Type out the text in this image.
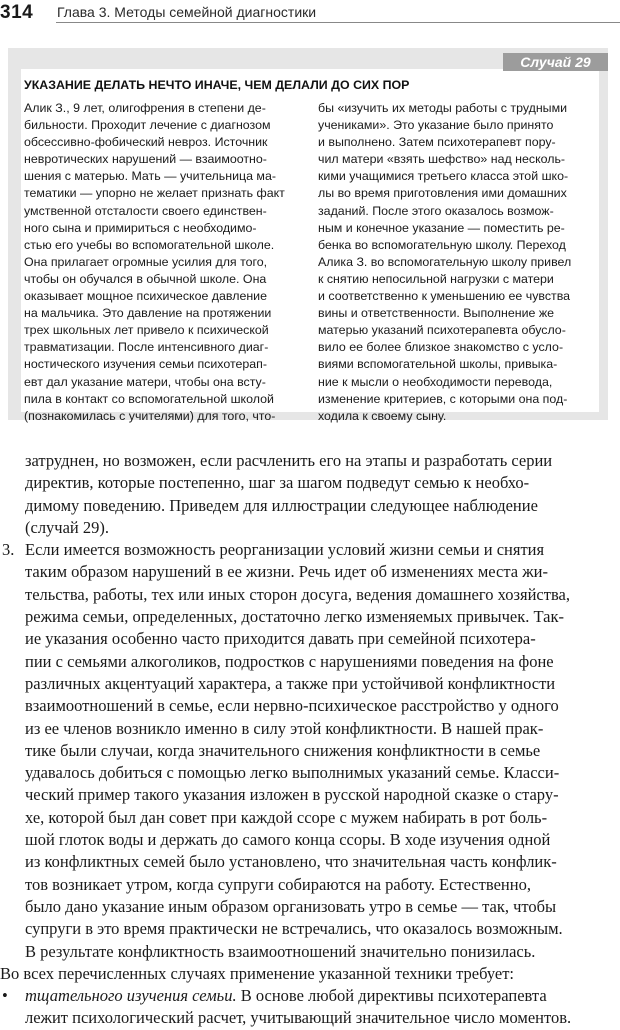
314 Глава 3. Методы семейной диагностики
Случай 29
УКАЗАНИЕ ДЕЛАТЬ НЕЧТО ИНАЧЕ, ЧЕМ ДЕЛАЛИ ДО СИХ ПОР
Алик З., 9 лет, олигофрения в степени де-
бильности. Проходит лечение с диагнозом
обсессивно-фобический невроз. Источник
невротических нарушений — взаимоотно-
шения с матерью. Мать — учительница ма-
тематики — упорно не желает признать факт
умственной отсталости своего единствен-
ного сына и примириться с необходимо-
стью его учебы во вспомогательной школе.
Она прилагает огромные усилия для того,
чтобы он обучался в обычной школе. Она
оказывает мощное психическое давление
на мальчика. Это давление на протяжении
трех школьных лет привело к психической
травматизации. После интенсивного диаг-
ностического изучения семьи психотерап-
евт дал указание матери, чтобы она всту-
пила в контакт со вспомогательной школой
(познакомилась с учителями) для того, что-
бы «изучить их методы работы с трудными
учениками». Это указание было принято
и выполнено. Затем психотерапевт пору-
чил матери «взять шефство» над несколь-
кими учащимися третьего класса этой шко-
лы во время приготовления ими домашних
заданий. После этого оказалось возмож-
ным и конечное указание — поместить ре-
бенка во вспомогательную школу. Переход
Алика З. во вспомогательную школу привел
к снятию непосильной нагрузки с матери
и соответственно к уменьшению ее чувства
вины и ответственности. Выполнение же
матерью указаний психотерапевта обусло-
вило ее более близкое знакомство с усло-
виями вспомогательной школы, привыка-
ние к мысли о необходимости перевода,
изменение критериев, с которыми она под-
ходила к своему сыну.
затруднен, но возможен, если расчленить его на этапы и разработать серии
директив, которые постепенно, шаг за шагом подведут семью к необхо-
димому поведению. Приведем для иллюстрации следующее наблюдение
(случай 29).
3. Если имеется возможность реорганизации условий жизни семьи и снятия
таким образом нарушений в ее жизни. Речь идет об изменениях места жи-
тельства, работы, тех или иных сторон досуга, ведения домашнего хозяйства,
режима семьи, определенных, достаточно легко изменяемых привычек. Так-
ие указания особенно часто приходится давать при семейной психотера-
пии с семьями алкоголиков, подростков с нарушениями поведения на фоне
различных акцентуаций характера, а также при устойчивой конфликтности
взаимоотношений в семье, если нервно-психическое расстройство у одного
из ее членов возникло именно в силу этой конфликтности. В нашей прак-
тике были случаи, когда значительного снижения конфликтности в семье
удавалось добиться с помощью легко выполнимых указаний семье. Класси-
ческий пример такого указания изложен в русской народной сказке о стару-
хе, которой был дан совет при каждой ссоре с мужем набирать в рот боль-
шой глоток воды и держать до самого конца ссоры. В ходе изучения одной
из конфликтных семей было установлено, что значительная часть конфлик-
тов возникает утром, когда супруги собираются на работу. Естественно,
было дано указание иным образом организовать утро в семье — так, чтобы
супруги в это время практически не встречались, что оказалось возможным.
В результате конфликтность взаимоотношений значительно понизилась.
Во всех перечисленных случаях применение указанной техники требует:
•	тщательного изучения семьи. В основе любой директивы психотерапевта
лежит психологический расчет, учитывающий значительное число моментов.
